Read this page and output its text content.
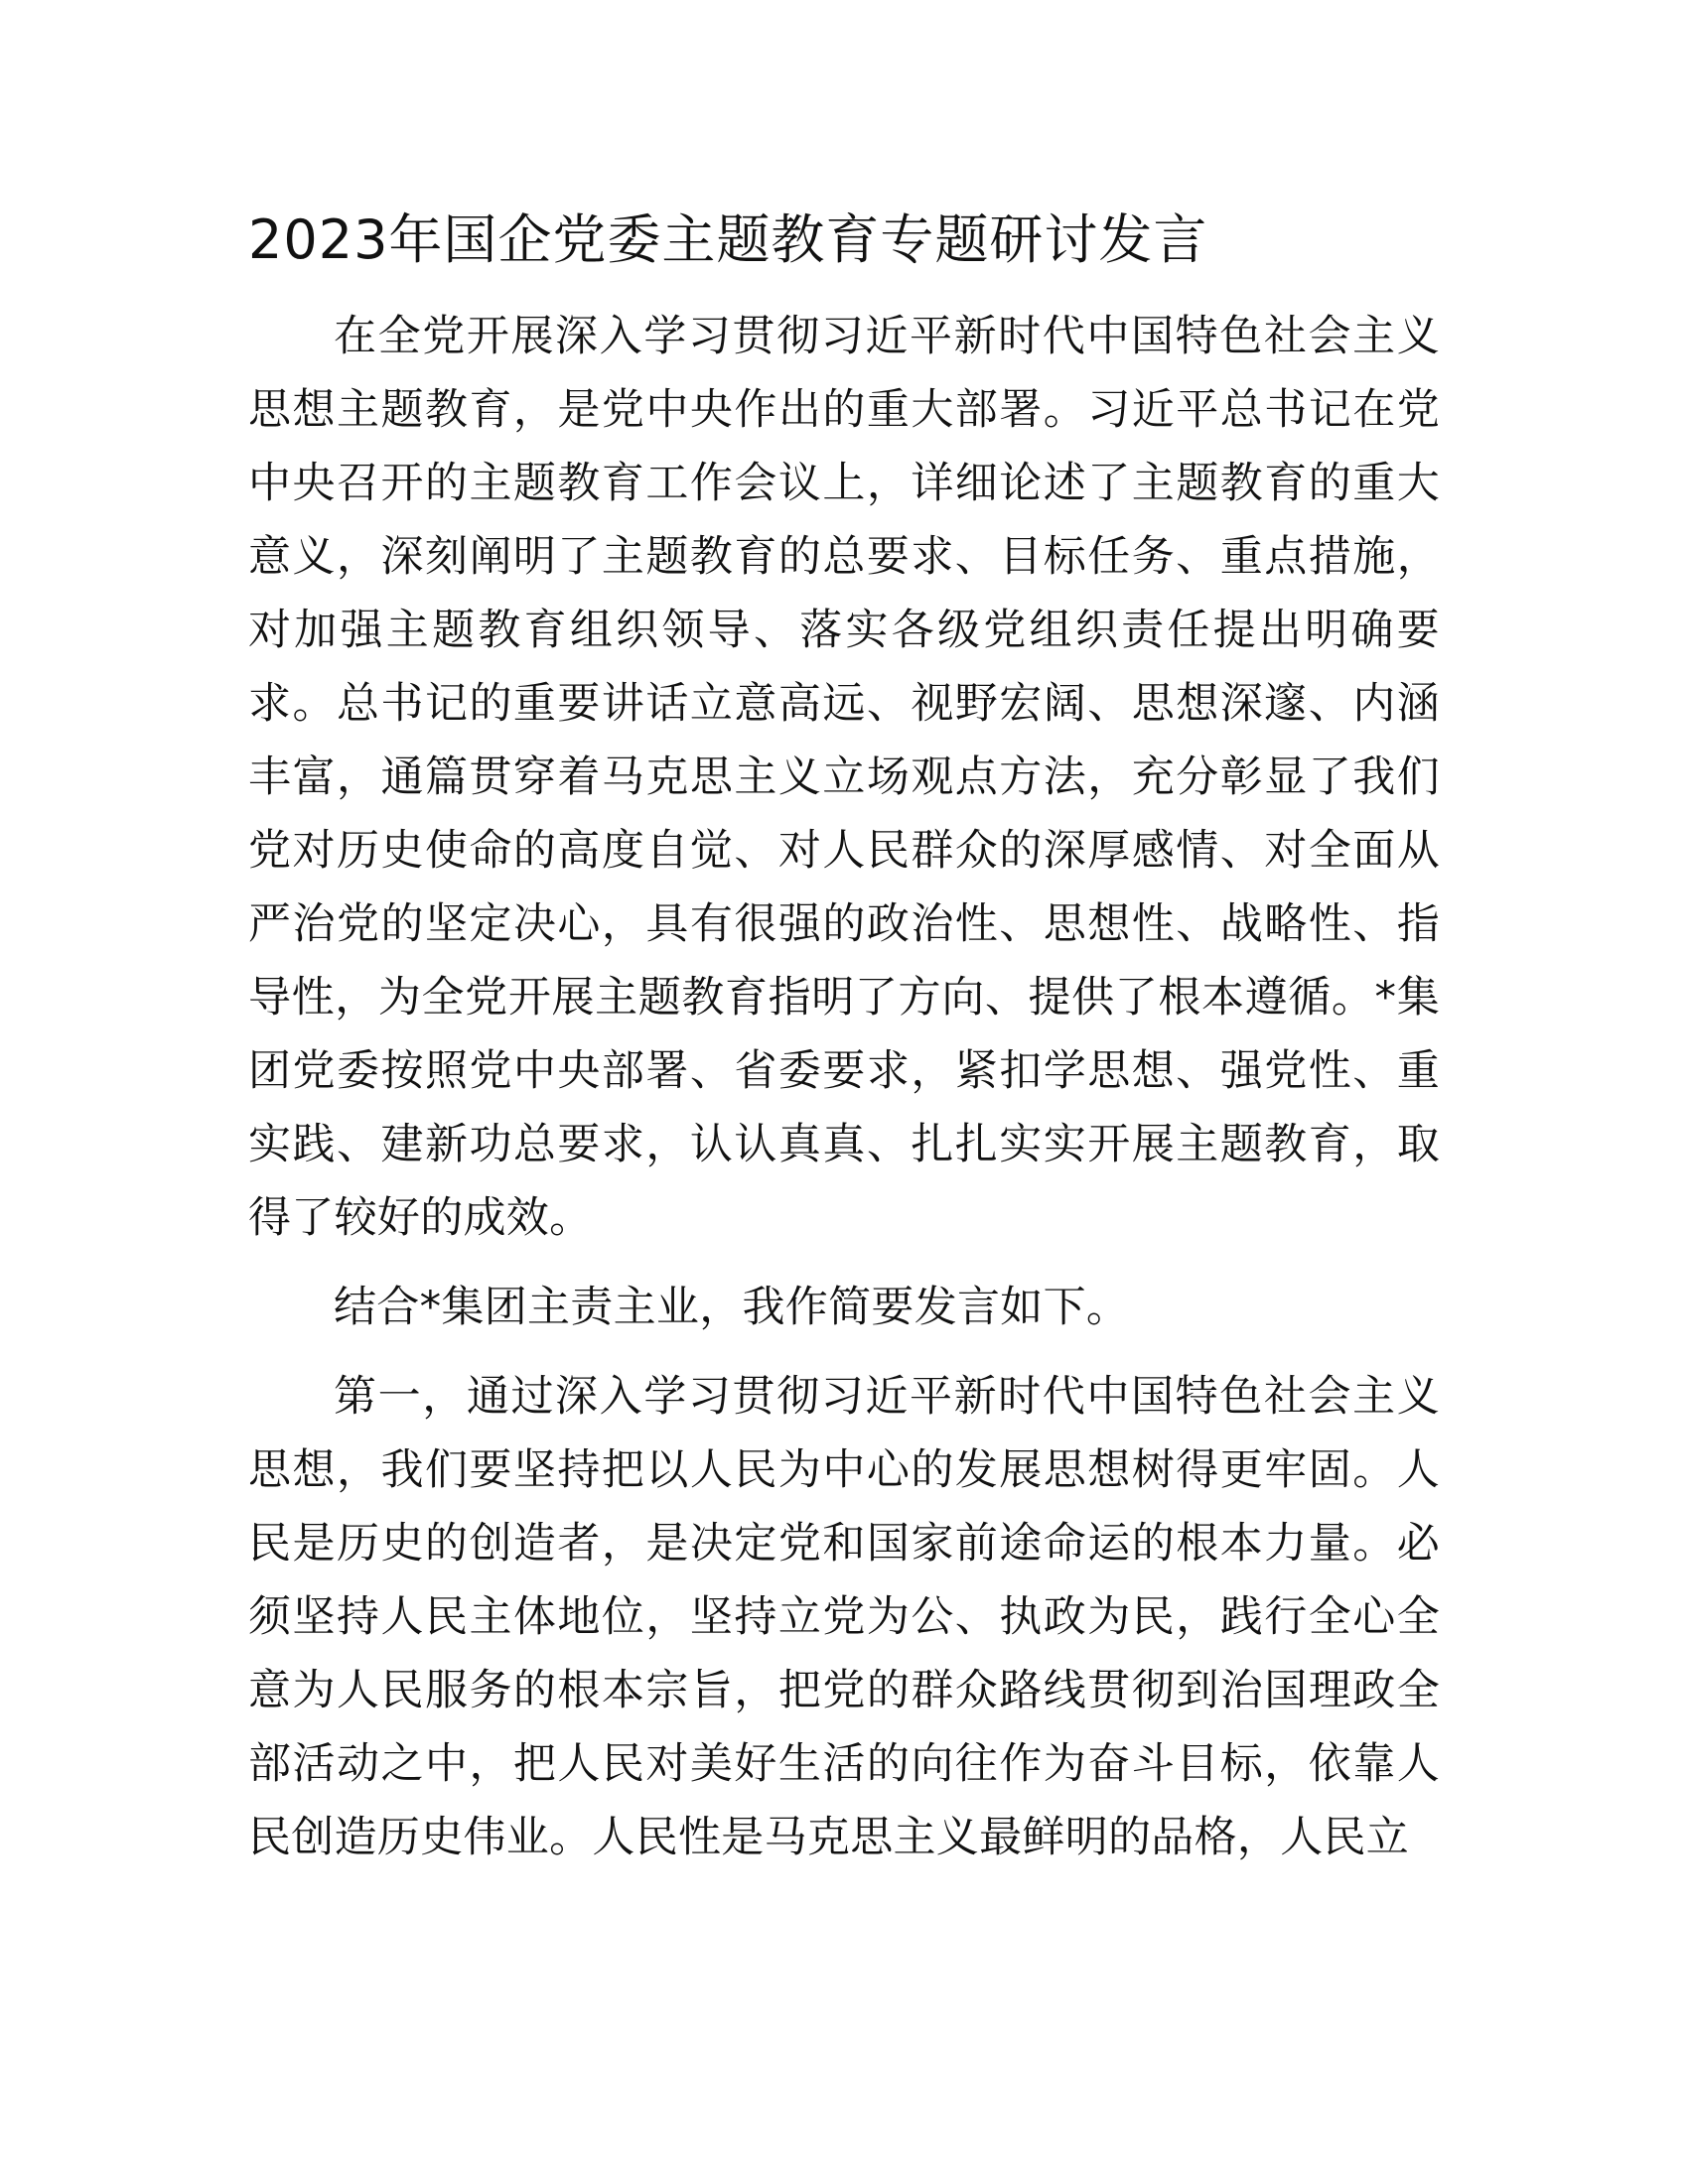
2023年国企党委主题教育专题研讨发言

在全党开展深入学习贯彻习近平新时代中国特色社会主义思想主题教育，是党中央作出的重大部署。习近平总书记在党中央召开的主题教育工作会议上，详细论述了主题教育的重大意义，深刻阐明了主题教育的总要求、目标任务、重点措施，对加强主题教育组织领导、落实各级党组织责任提出明确要求。总书记的重要讲话立意高远、视野宏阔、思想深邃、内涵丰富，通篇贯穿着马克思主义立场观点方法，充分彰显了我们党对历史使命的高度自觉、对人民群众的深厚感情、对全面从严治党的坚定决心，具有很强的政治性、思想性、战略性、指导性，为全党开展主题教育指明了方向、提供了根本遵循。*集团党委按照党中央部署、省委要求，紧扣学思想、强党性、重实践、建新功总要求，认认真真、扎扎实实开展主题教育，取得了较好的成效。

结合*集团主责主业，我作简要发言如下。

第一，通过深入学习贯彻习近平新时代中国特色社会主义思想，我们要坚持把以人民为中心的发展思想树得更牢固。人民是历史的创造者，是决定党和国家前途命运的根本力量。必须坚持人民主体地位，坚持立党为公、执政为民，践行全心全意为人民服务的根本宗旨，把党的群众路线贯彻到治国理政全部活动之中，把人民对美好生活的向往作为奋斗目标，依靠人民创造历史伟业。人民性是马克思主义最鲜明的品格，人民立
